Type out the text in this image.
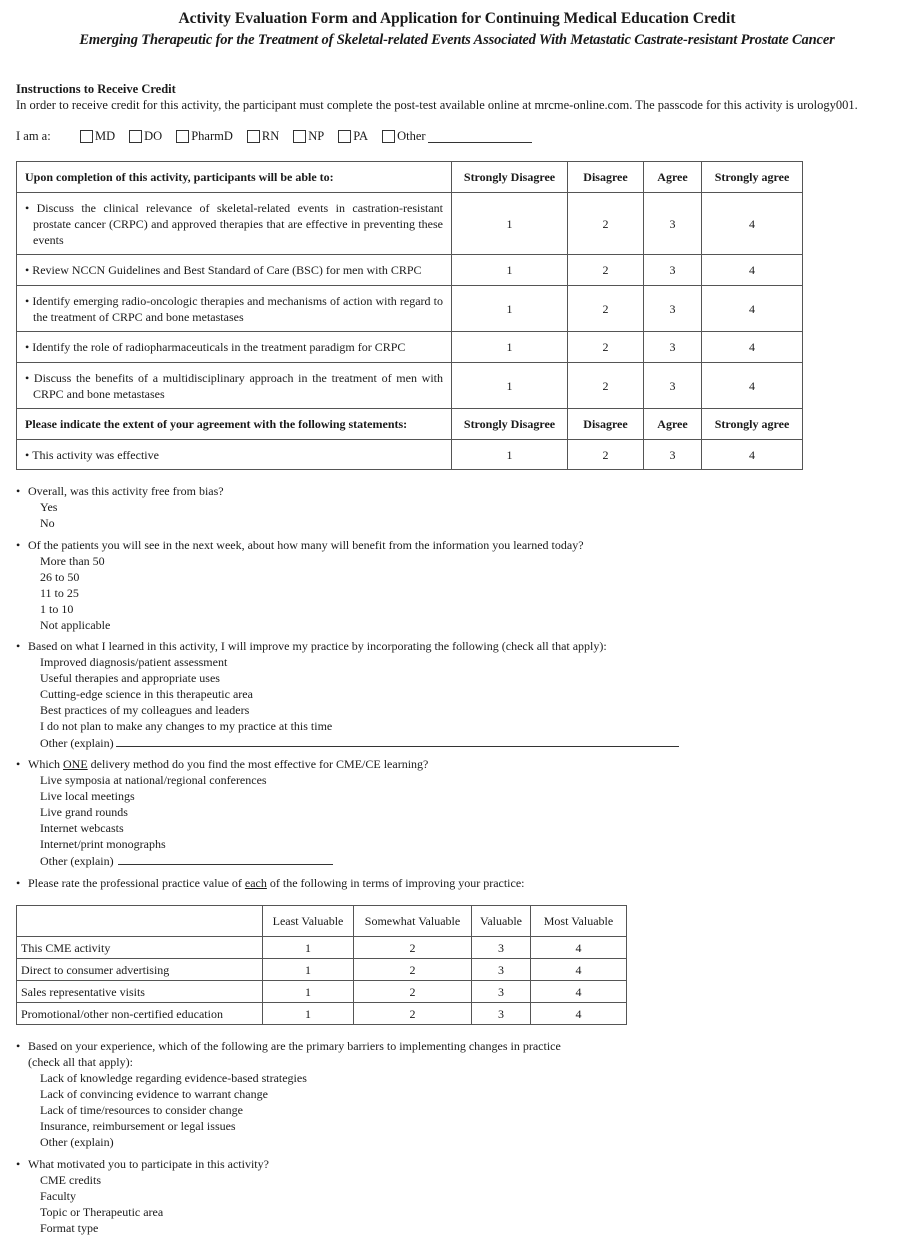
Activity Evaluation Form and Application for Continuing Medical Education Credit
Emerging Therapeutic for the Treatment of Skeletal-related Events Associated With Metastatic Castrate-resistant Prostate Cancer
Instructions to Receive Credit
In order to receive credit for this activity, the participant must complete the post-test available online at mrcme-online.com. The passcode for this activity is urology001.
I am a:	MD DO PharmD RN NP PA Other
Upon completion of this activity, participants will be able to:	Strongly Disagree	Disagree	Agree	Strongly agree
• Discuss the clinical relevance of skeletal-related events in castration-resistant prostate cancer (CRPC) and approved therapies that are effective in preventing these events	1	2	3	4
• Review NCCN Guidelines and Best Standard of Care (BSC) for men with CRPC	1	2	3	4
• Identify emerging radio-oncologic therapies and mechanisms of action with regard to the treatment of CRPC and bone metastases	1	2	3	4
• Identify the role of radiopharmaceuticals in the treatment paradigm for CRPC	1	2	3	4
• Discuss the benefits of a multidisciplinary approach in the treatment of men with CRPC and bone metastases	1	2	3	4
Please indicate the extent of your agreement with the following statements:	Strongly Disagree	Disagree	Agree	Strongly agree
• This activity was effective	1	2	3	4
• Overall, was this activity free from bias?
Yes
No
• Of the patients you will see in the next week, about how many will benefit from the information you learned today?
More than 50
26 to 50
11 to 25
1 to 10
Not applicable
• Based on what I learned in this activity, I will improve my practice by incorporating the following (check all that apply):
Improved diagnosis/patient assessment
Useful therapies and appropriate uses
Cutting-edge science in this therapeutic area
Best practices of my colleagues and leaders
I do not plan to make any changes to my practice at this time
Other (explain)
• Which ONE delivery method do you find the most effective for CME/CE learning?
Live symposia at national/regional conferences
Live local meetings
Live grand rounds
Internet webcasts
Internet/print monographs
Other (explain)
• Please rate the professional practice value of each of the following in terms of improving your practice:
	Least Valuable	Somewhat Valuable	Valuable	Most Valuable
This CME activity	1	2	3	4
Direct to consumer advertising	1	2	3	4
Sales representative visits	1	2	3	4
Promotional/other non-certified education	1	2	3	4
• Based on your experience, which of the following are the primary barriers to implementing changes in practice
(check all that apply):
Lack of knowledge regarding evidence-based strategies
Lack of convincing evidence to warrant change
Lack of time/resources to consider change
Insurance, reimbursement or legal issues
Other (explain)
• What motivated you to participate in this activity?
CME credits
Faculty
Topic or Therapeutic area
Format type
